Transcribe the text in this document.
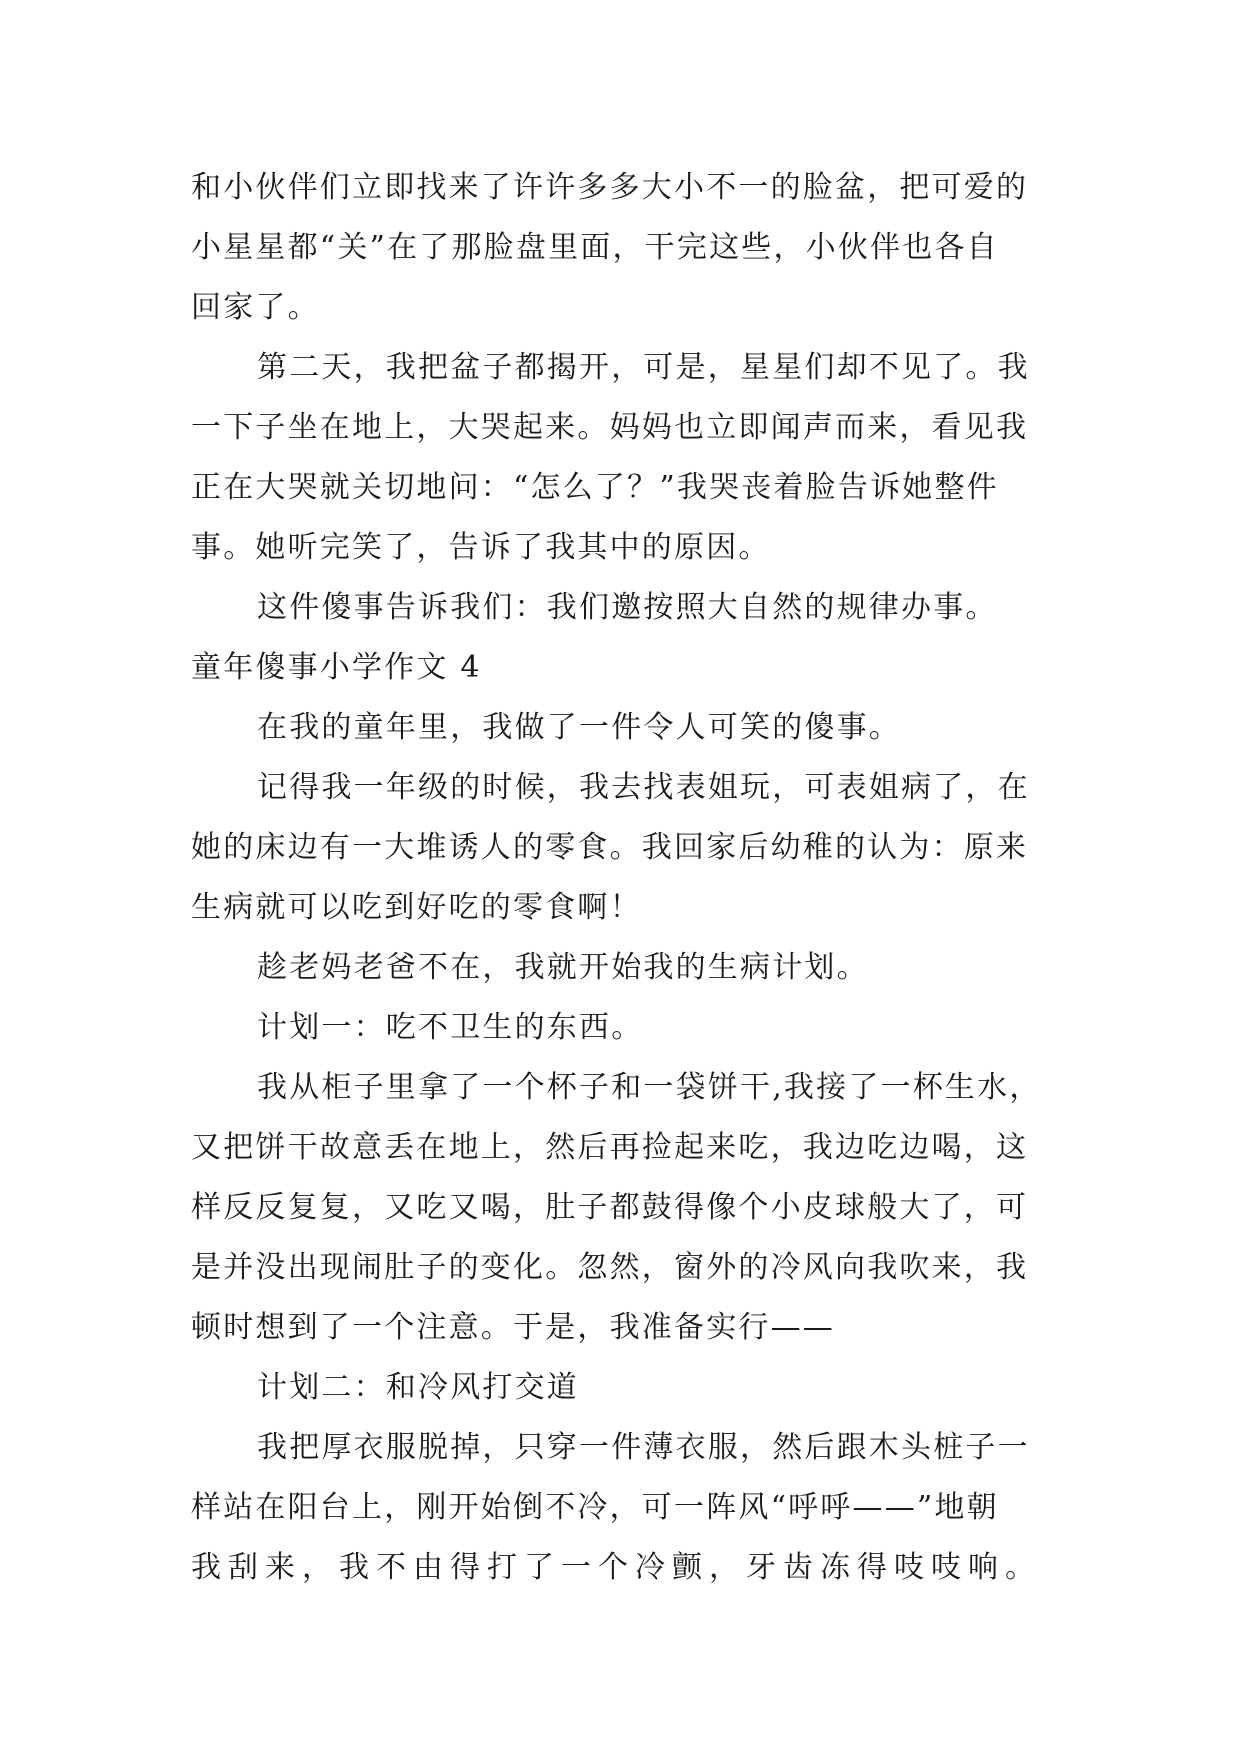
和小伙伴们立即找来了许许多多大小不一的脸盆，把可爱的
小星星都“关”在了那脸盘里面，干完这些，小伙伴也各自
回家了。
第二天，我把盆子都揭开，可是，星星们却不见了。我
一下子坐在地上，大哭起来。妈妈也立即闻声而来，看见我
正在大哭就关切地问：“怎么了？”我哭丧着脸告诉她整件
事。她听完笑了，告诉了我其中的原因。
这件傻事告诉我们：我们邀按照大自然的规律办事。
童年傻事小学作文 4
在我的童年里，我做了一件令人可笑的傻事。
记得我一年级的时候，我去找表姐玩，可表姐病了，在
她的床边有一大堆诱人的零食。我回家后幼稚的认为：原来
生病就可以吃到好吃的零食啊！
趁老妈老爸不在，我就开始我的生病计划。
计划一：吃不卫生的东西。
我从柜子里拿了一个杯子和一袋饼干,我接了一杯生水，
又把饼干故意丢在地上，然后再捡起来吃，我边吃边喝，这
样反反复复，又吃又喝，肚子都鼓得像个小皮球般大了，可
是并没出现闹肚子的变化。忽然，窗外的冷风向我吹来，我
顿时想到了一个注意。于是，我准备实行——
计划二：和冷风打交道
我把厚衣服脱掉，只穿一件薄衣服，然后跟木头桩子一
样站在阳台上，刚开始倒不冷，可一阵风“呼呼——”地朝
我刮来，我不由得打了一个冷颤，牙齿冻得吱吱响。
